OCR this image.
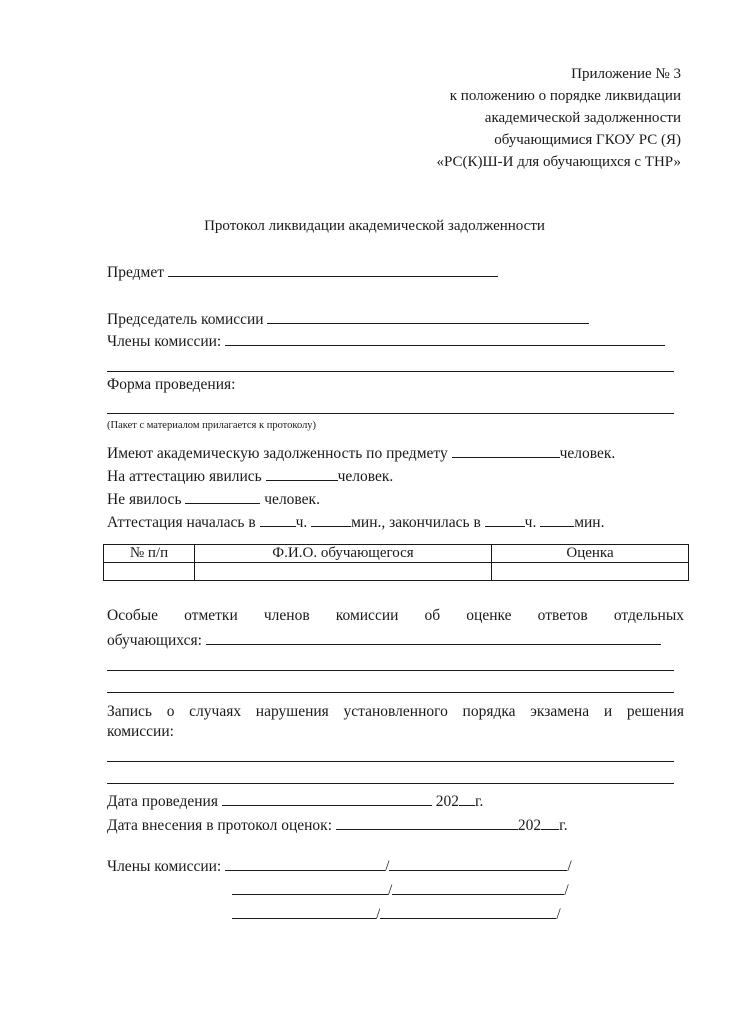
Приложение № 3
к положению о порядке ликвидации
академической задолженности
обучающимися ГКОУ РС (Я)
«РС(К)Ш-И для обучающихся с ТНР»
Протокол ликвидации академической задолженности
Предмет
Председатель комиссии
Члены комиссии:
Форма проведения:
(Пакет с материалом прилагается к протоколу)
Имеют академическую задолженность по предмету	человек.
На аттестацию явились	человек.
Не явилось	человек.
Аттестация началась в	ч.	мин., закончилась в	ч. мин.
№ п/п	Ф.И.О. обучающегося	Оценка

Особые отметки членов комиссии об оценке ответов отдельных
обучающихся:
Запись о случаях нарушения установленного порядка экзамена и решения
комиссии:
Дата проведения	202 г.
Дата внесения в протокол оценок:	202 г.
Члены комиссии:	/	/
/	/
/	/
